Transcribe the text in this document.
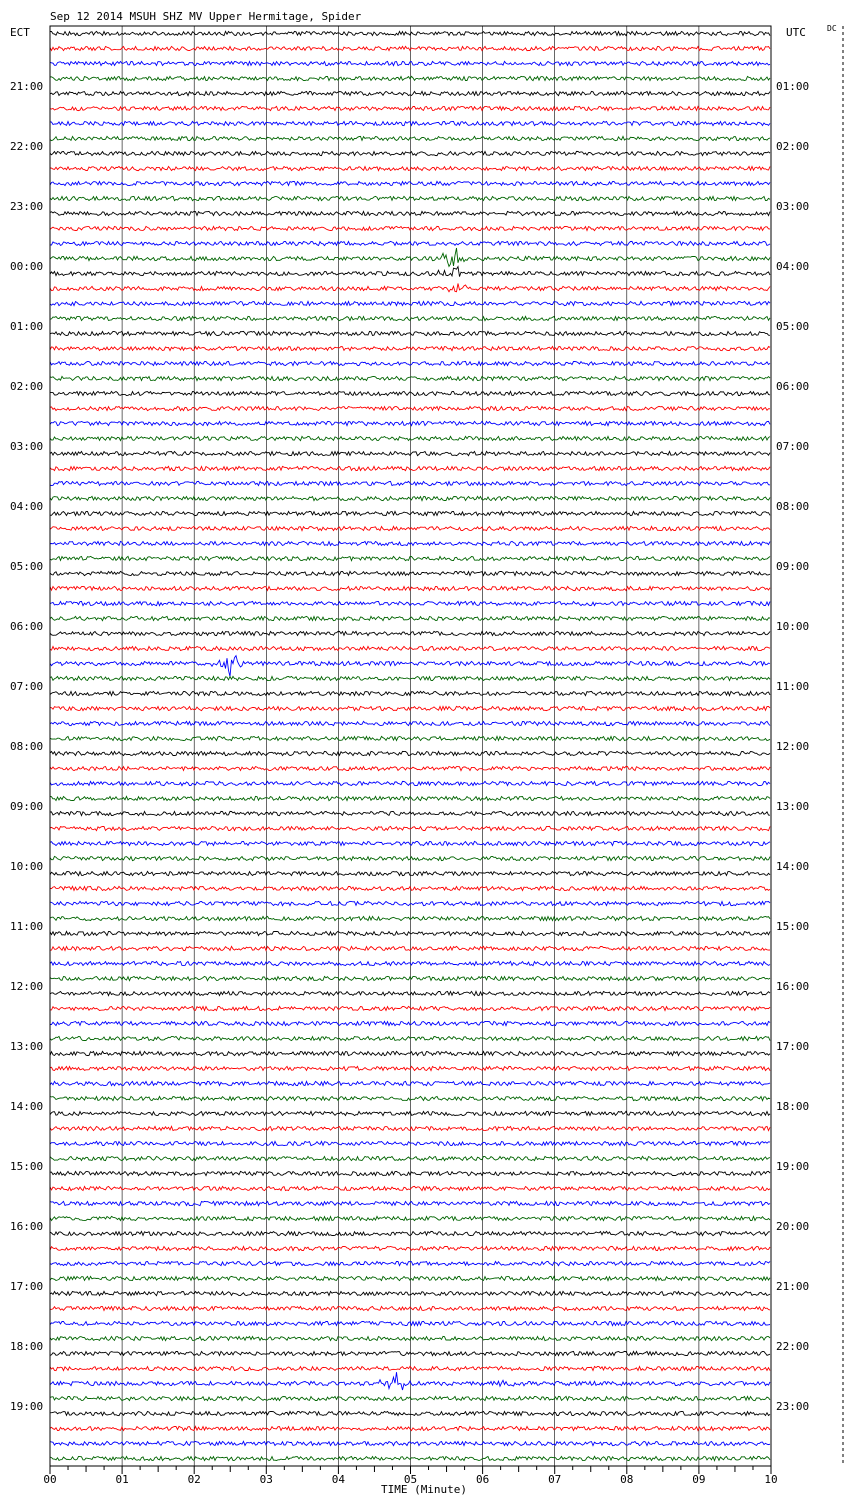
Sep 12 2014 MSUH SHZ MV Upper Hermitage, Spider
ECT	UTC	DC
21:00
22:00
23:00
00:00
01:00
02:00
03:00
04:00
05:00
06:00
07:00
08:00
09:00
10:00
11:00
12:00
13:00
14:00
15:00
16:00
17:00
18:00
19:00
01:00
02:00
03:00
04:00
05:00
06:00
07:00
08:00
09:00
10:00
11:00
12:00
13:00
14:00
15:00
16:00
17:00
18:00
19:00
20:00
21:00
22:00
23:00
00	01	02	03	04	05	06	07	08	09	10
TIME (Minute)
